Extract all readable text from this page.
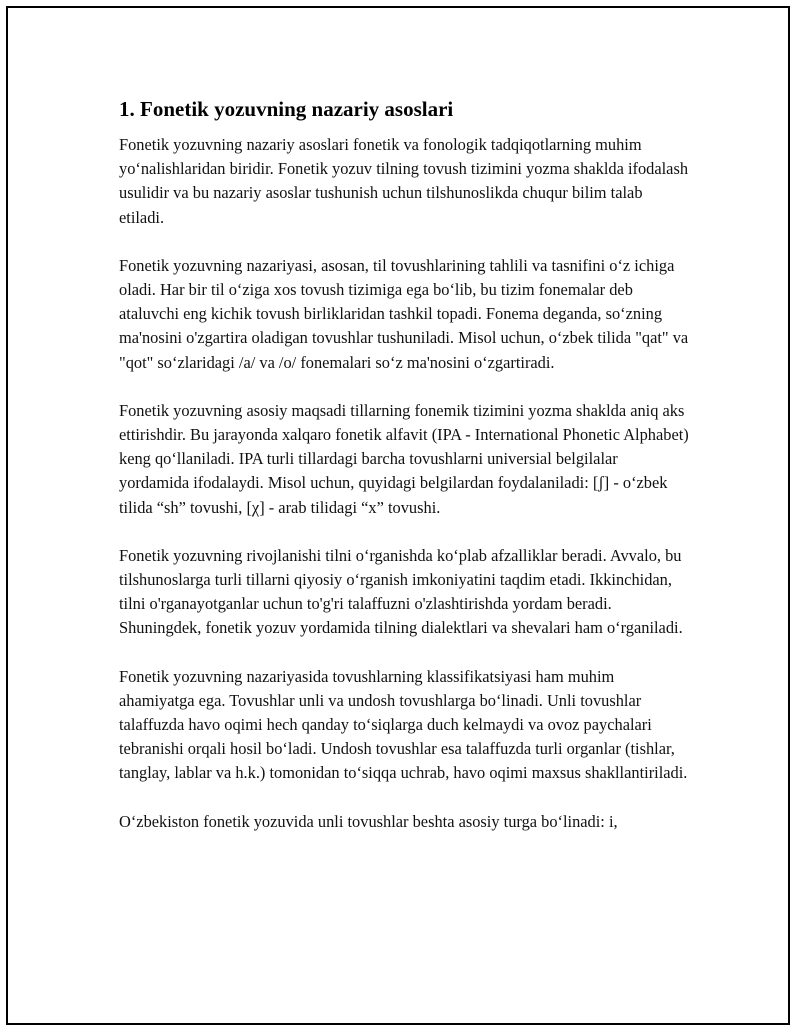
1. Fonetik yozuvning nazariy asoslari

Fonetik yozuvning nazariy asoslari fonetik va fonologik tadqiqotlarning muhim yo‘nalishlaridan biridir. Fonetik yozuv tilning tovush tizimini yozma shaklda ifodalash usulidir va bu nazariy asoslar tushunish uchun tilshunoslikda chuqur bilim talab etiladi.

Fonetik yozuvning nazariyasi, asosan, til tovushlarining tahlili va tasnifini o‘z ichiga oladi. Har bir til o‘ziga xos tovush tizimiga ega bo‘lib, bu tizim fonemalar deb ataluvchi eng kichik tovush birliklaridan tashkil topadi. Fonema deganda, so‘zning ma'nosini o'zgartira oladigan tovushlar tushuniladi. Misol uchun, o‘zbek tilida "qat" va "qot" so‘zlaridagi /a/ va /o/ fonemalari so‘z ma'nosini o‘zgartiradi.

Fonetik yozuvning asosiy maqsadi tillarning fonemik tizimini yozma shaklda aniq aks ettirishdir. Bu jarayonda xalqaro fonetik alfavit (IPA - International Phonetic Alphabet) keng qo‘llaniladi. IPA turli tillardagi barcha tovushlarni universial belgilalar yordamida ifodalaydi. Misol uchun, quyidagi belgilardan foydalaniladi: [ʃ] - o‘zbek tilida “sh” tovushi, [χ] - arab tilidagi “x” tovushi.

Fonetik yozuvning rivojlanishi tilni o‘rganishda ko‘plab afzalliklar beradi. Avvalo, bu tilshunoslarga turli tillarni qiyosiy o‘rganish imkoniyatini taqdim etadi. Ikkinchidan, tilni o'rganayotganlar uchun to'g'ri talaffuzni o'zlashtirishda yordam beradi. Shuningdek, fonetik yozuv yordamida tilning dialektlari va shevalari ham o‘rganiladi.

Fonetik yozuvning nazariyasida tovushlarning klassifikatsiyasi ham muhim ahamiyatga ega. Tovushlar unli va undosh tovushlarga bo‘linadi. Unli tovushlar talaffuzda havo oqimi hech qanday to‘siqlarga duch kelmaydi va ovoz paychalari tebranishi orqali hosil bo‘ladi. Undosh tovushlar esa talaffuzda turli organlar (tishlar, tanglay, lablar va h.k.) tomonidan to‘siqqa uchrab, havo oqimi maxsus shakllantiriladi.

O‘zbekiston fonetik yozuvida unli tovushlar beshta asosiy turga bo‘linadi: i,
